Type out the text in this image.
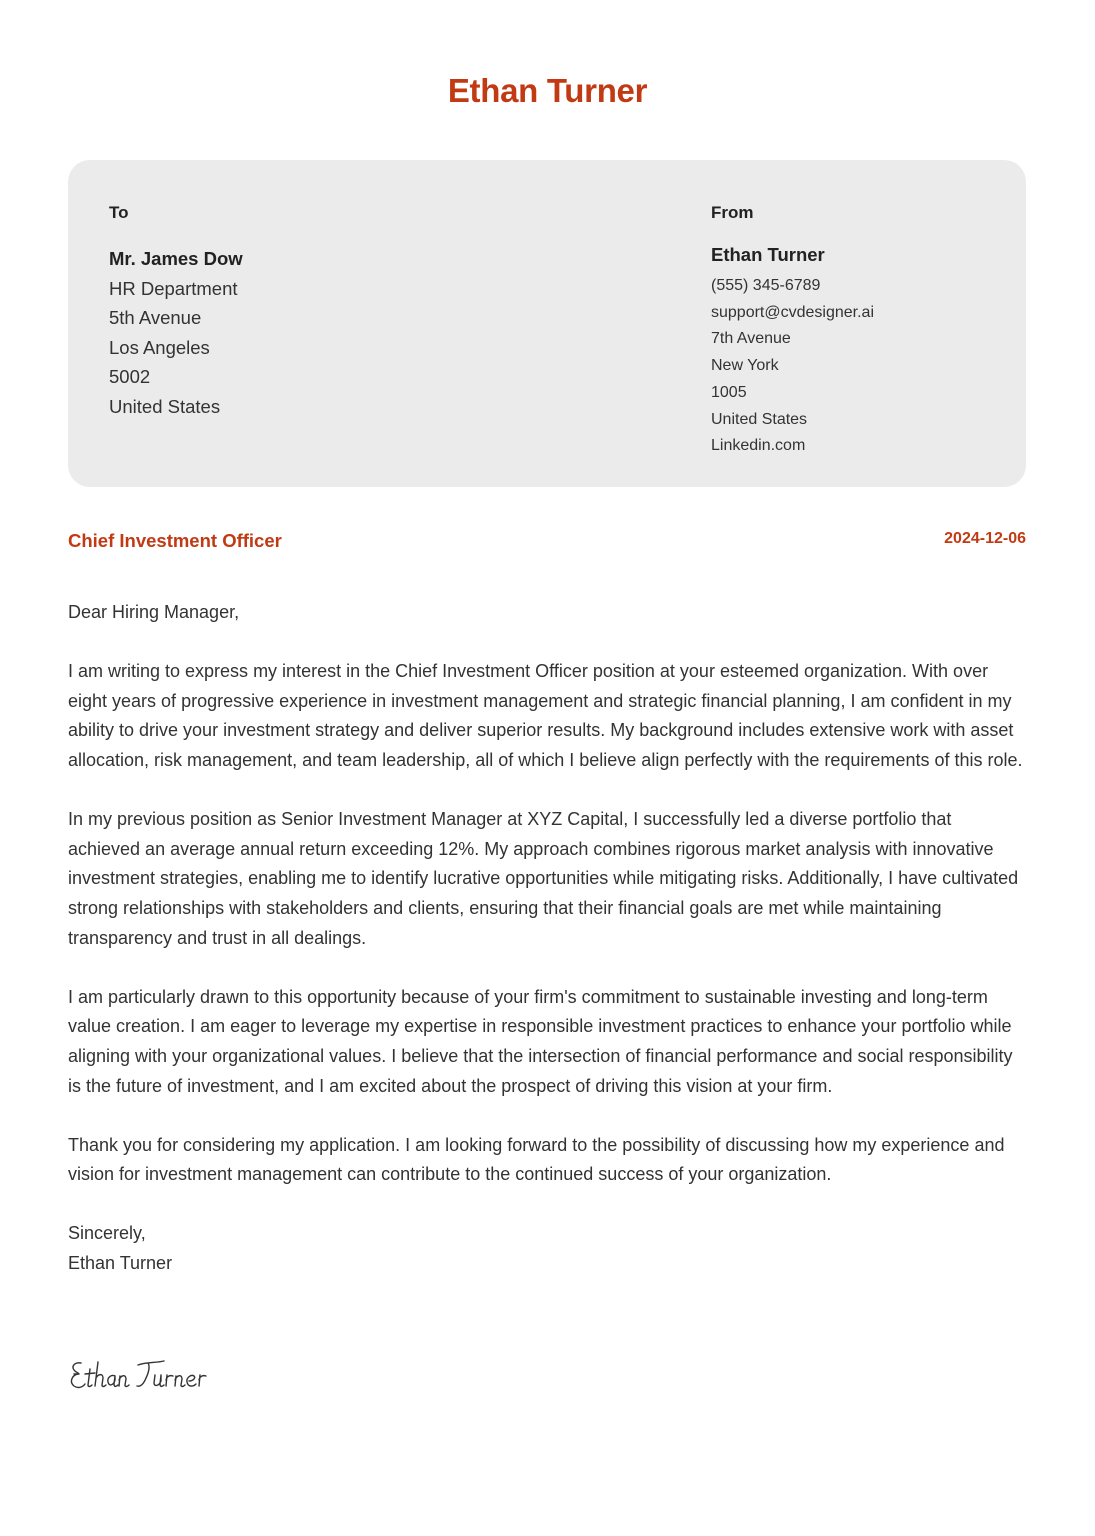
Ethan Turner
To
Mr. James Dow
HR Department
5th Avenue
Los Angeles
5002
United States
From
Ethan Turner
(555) 345-6789
support@cvdesigner.ai
7th Avenue
New York
1005
United States
Linkedin.com
Chief Investment Officer	2024-12-06

Dear Hiring Manager,

I am writing to express my interest in the Chief Investment Officer position at your esteemed organization. With over eight years of progressive experience in investment management and strategic financial planning, I am confident in my ability to drive your investment strategy and deliver superior results. My background includes extensive work with asset allocation, risk management, and team leadership, all of which I believe align perfectly with the requirements of this role.

In my previous position as Senior Investment Manager at XYZ Capital, I successfully led a diverse portfolio that achieved an average annual return exceeding 12%. My approach combines rigorous market analysis with innovative investment strategies, enabling me to identify lucrative opportunities while mitigating risks. Additionally, I have cultivated strong relationships with stakeholders and clients, ensuring that their financial goals are met while maintaining transparency and trust in all dealings.

I am particularly drawn to this opportunity because of your firm's commitment to sustainable investing and long-term value creation. I am eager to leverage my expertise in responsible investment practices to enhance your portfolio while aligning with your organizational values. I believe that the intersection of financial performance and social responsibility is the future of investment, and I am excited about the prospect of driving this vision at your firm.

Thank you for considering my application. I am looking forward to the possibility of discussing how my experience and vision for investment management can contribute to the continued success of your organization.

Sincerely,

Ethan Turner
